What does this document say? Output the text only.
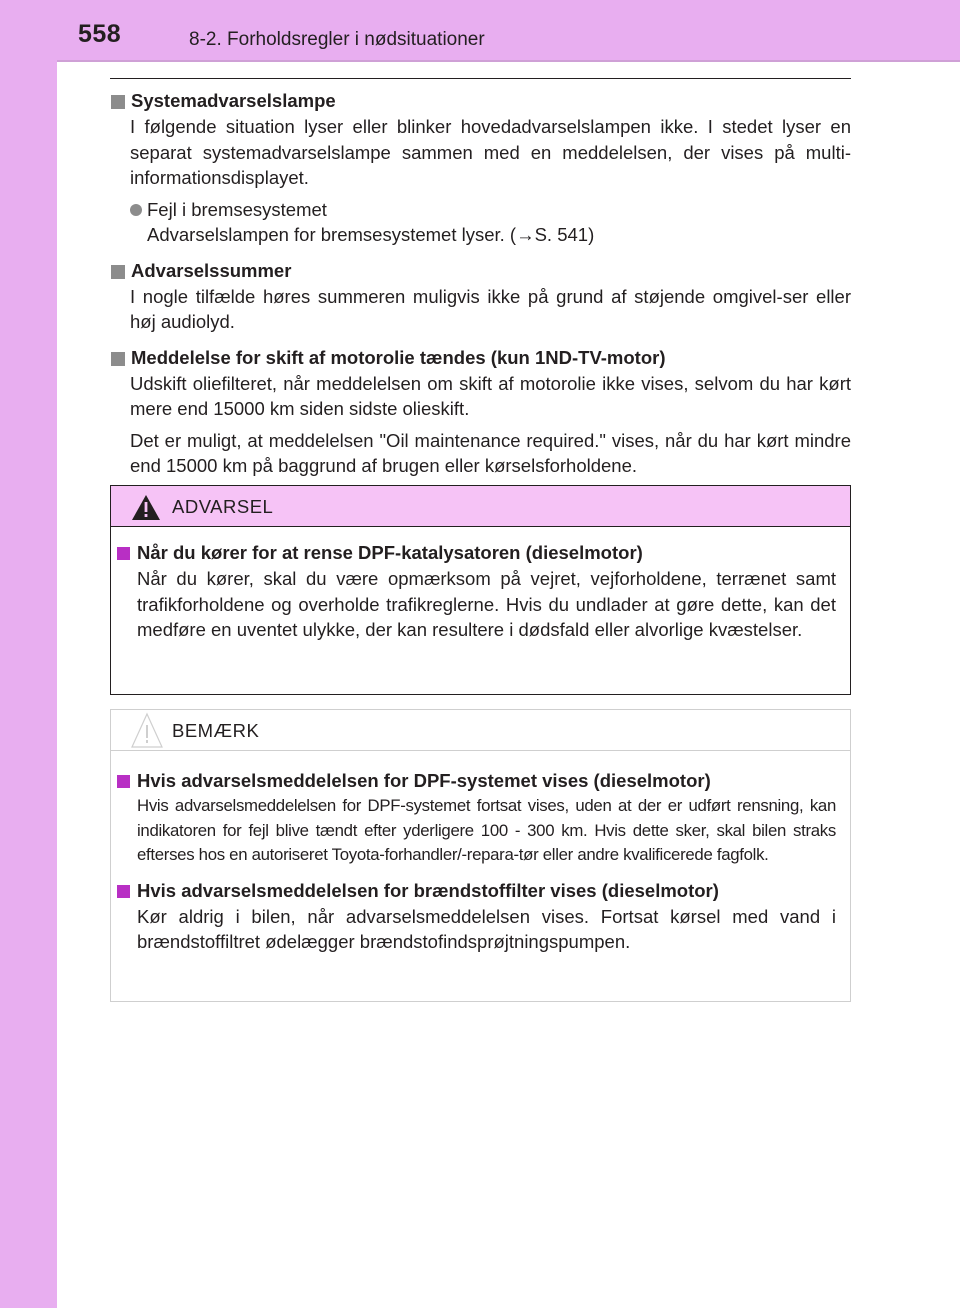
558	8-2. Forholdsregler i nødsituationer
Systemadvarselslampe
I følgende situation lyser eller blinker hovedadvarselslampen ikke. I stedet lyser en separat systemadvarselslampe sammen med en meddelelsen, der vises på multi-informationsdisplayet.
Fejl i bremsesystemet
Advarselslampen for bremsesystemet lyser. (→S. 541)
Advarselssummer
I nogle tilfælde høres summeren muligvis ikke på grund af støjende omgivel-ser eller høj audiolyd.
Meddelelse for skift af motorolie tændes (kun 1ND-TV-motor)
Udskift oliefilteret, når meddelelsen om skift af motorolie ikke vises, selvom du har kørt mere end 15000 km siden sidste olieskift.
Det er muligt, at meddelelsen "Oil maintenance required." vises, når du har kørt mindre end 15000 km på baggrund af brugen eller kørselsforholdene.
ADVARSEL
Når du kører for at rense DPF-katalysatoren (dieselmotor)
Når du kører, skal du være opmærksom på vejret, vejforholdene, terrænet samt trafikforholdene og overholde trafikreglerne. Hvis du undlader at gøre dette, kan det medføre en uventet ulykke, der kan resultere i dødsfald eller alvorlige kvæstelser.
BEMÆRK
Hvis advarselsmeddelelsen for DPF-systemet vises (dieselmotor)
Hvis advarselsmeddelelsen for DPF-systemet fortsat vises, uden at der er udført rensning, kan indikatoren for fejl blive tændt efter yderligere 100 - 300 km. Hvis dette sker, skal bilen straks efterses hos en autoriseret Toyota-forhandler/-repara-tør eller andre kvalificerede fagfolk.
Hvis advarselsmeddelelsen for brændstoffilter vises (dieselmotor)
Kør aldrig i bilen, når advarselsmeddelelsen vises. Fortsat kørsel med vand i brændstoffiltret ødelægger brændstofindsprøjtningspumpen.
